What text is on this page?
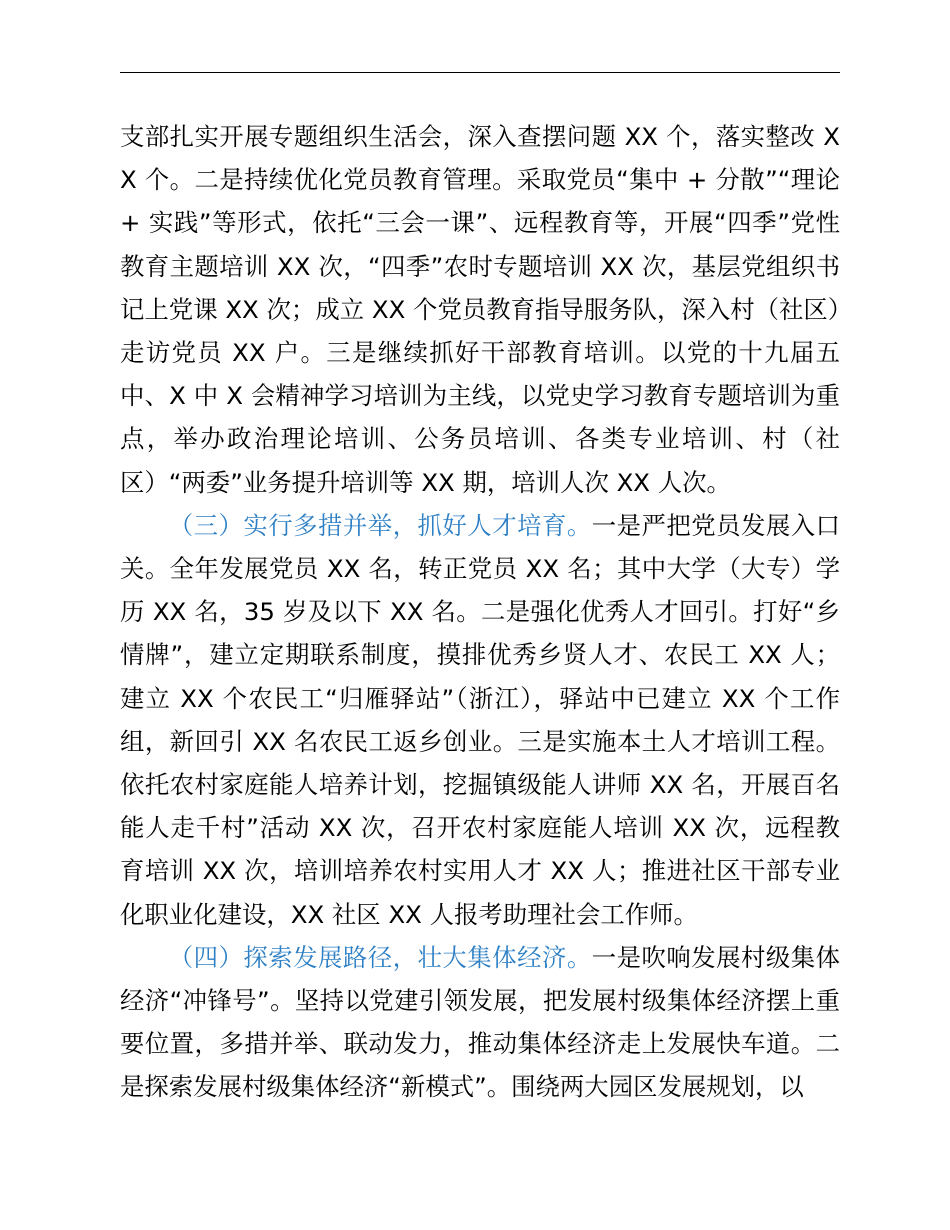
支部扎实开展专题组织生活会，深入查摆问题 XX 个，落实整改 XX 个。二是持续优化党员教育管理。采取党员“集中 + 分散”“理论 + 实践”等形式，依托“三会一课”、远程教育等，开展“四季”党性教育主题培训 XX 次，“四季”农时专题培训 XX 次，基层党组织书记上党课 XX 次；成立 XX 个党员教育指导服务队，深入村（社区）走访党员 XX 户。三是继续抓好干部教育培训。以党的十九届五中、X 中 X 会精神学习培训为主线，以党史学习教育专题培训为重点，举办政治理论培训、公务员培训、各类专业培训、村（社区）“两委”业务提升培训等 XX 期，培训人次 XX 人次。

（三）实行多措并举，抓好人才培育。一是严把党员发展入口关。全年发展党员 XX 名，转正党员 XX 名；其中大学（大专）学历 XX 名，35 岁及以下 XX 名。二是强化优秀人才回引。打好“乡情牌”，建立定期联系制度，摸排优秀乡贤人才、农民工 XX 人；建立 XX 个农民工“归雁驿站”（浙江），驿站中已建立 XX 个工作组，新回引 XX 名农民工返乡创业。三是实施本土人才培训工程。依托农村家庭能人培养计划，挖掘镇级能人讲师 XX 名，开展百名能人走千村”活动 XX 次，召开农村家庭能人培训 XX 次，远程教育培训 XX 次，培训培养农村实用人才 XX 人；推进社区干部专业化职业化建设，XX 社区 XX 人报考助理社会工作师。

（四）探索发展路径，壮大集体经济。一是吹响发展村级集体经济“冲锋号”。坚持以党建引领发展，把发展村级集体经济摆上重要位置，多措并举、联动发力，推动集体经济走上发展快车道。二是探索发展村级集体经济“新模式”。围绕两大园区发展规划，以
